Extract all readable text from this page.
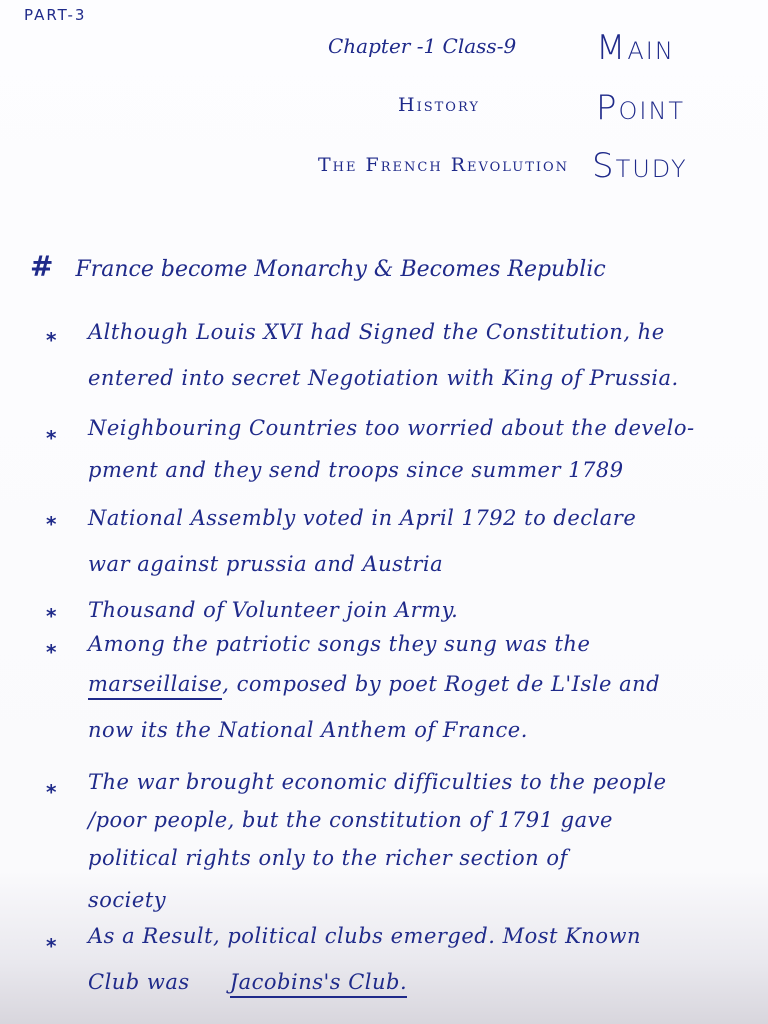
PART-3
Chapter -1 Class-9
History
The French Revolution
Main
Point
Study
# France become Monarchy & Becomes Republic
* Although Louis XVI had Signed the Constitution, he
entered into secret Negotiation with King of Prussia.
* Neighbouring Countries too worried about the develo-
pment and they send troops since summer 1789
* National Assembly voted in April 1792 to declare
war against prussia and Austria
* Thousand of Volunteer join Army.
* Among the patriotic songs they sung was the
marseillaise, composed by poet Roget de L'Isle and
now its the National Anthem of France.
* The war brought economic difficulties to the people
/poor people, but the constitution of 1791 gave
political rights only to the richer section of
society
* As a Result, political clubs emerged. Most Known
Club was Jacobins's Club.
